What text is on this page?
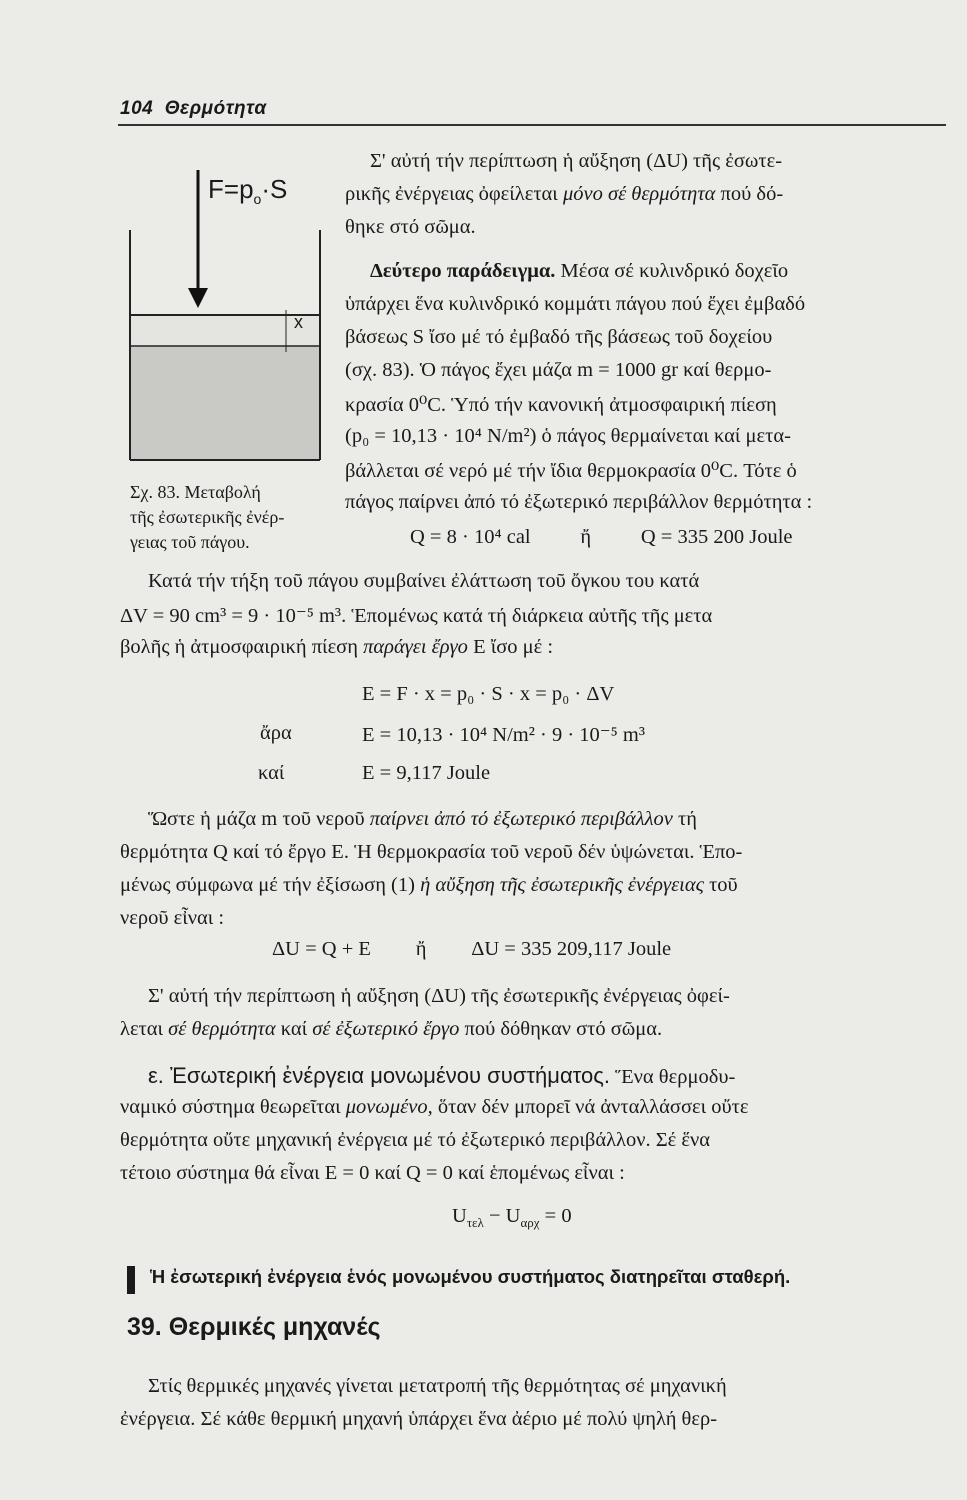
104 Θερμότητα
$F=p_o\cdot S$
x
Σχ. 83. Μεταβολή
τῆς ἐσωτερικῆς ἐνέρ-
γειας τοῦ πάγου.
Σ' αὐτή τήν περίπτωση ἡ αὔξηση (ΔU) τῆς ἐσωτε-
ρικῆς ἐνέργειας ὀφείλεται μόνο σέ θερμότητα πού δό-
θηκε στό σῶμα.
Δεύτερο παράδειγμα. Μέσα σέ κυλινδρικό δοχεῖο
ὑπάρχει ἕνα κυλινδρικό κομμάτι πάγου πού ἔχει ἐμβαδό
βάσεως S ἴσο μέ τό ἐμβαδό τῆς βάσεως τοῦ δοχείου
(σχ. 83). Ὁ πάγος ἔχει μάζα m = 1000 gr καί θερμο-
κρασία 0⁰C. Ὑπό τήν κανονική ἀτμοσφαιρική πίεση
(p₀ = 10,13 · 10⁴ N/m²) ὁ πάγος θερμαίνεται καί μετα-
βάλλεται σέ νερό μέ τήν ἴδια θερμοκρασία 0⁰C. Τότε ὁ
πάγος παίρνει ἀπό τό ἐξωτερικό περιβάλλον θερμότητα :
Q = 8 · 10⁴ cal ἤ Q = 335 200 Joule
Κατά τήν τήξη τοῦ πάγου συμβαίνει ἐλάττωση τοῦ ὄγκου του κατά
ΔV = 90 cm³ = 9 · 10⁻⁵ m³. Ἑπομένως κατά τή διάρκεια αὐτῆς τῆς μετα
βολῆς ἡ ἀτμοσφαιρική πίεση παράγει ἔργο E ἴσο μέ :
E = F · x = p₀ · S · x = p₀ · ΔV
ἄρα	E = 10,13 · 10⁴ N/m² · 9 · 10⁻⁵ m³
καί	E = 9,117 Joule
Ὥστε ἡ μάζα m τοῦ νεροῦ παίρνει ἀπό τό ἐξωτερικό περιβάλλον τή
θερμότητα Q καί τό ἔργο E. Ἡ θερμοκρασία τοῦ νεροῦ δέν ὑψώνεται. Ἑπο-
μένως σύμφωνα μέ τήν ἐξίσωση (1) ἡ αὔξηση τῆς ἐσωτερικῆς ἐνέργειας τοῦ
νεροῦ εἶναι :
ΔU = Q + E ἤ ΔU = 335 209,117 Joule
Σ' αὐτή τήν περίπτωση ἡ αὔξηση (ΔU) τῆς ἐσωτερικῆς ἐνέργειας ὀφεί-
λεται σέ θερμότητα καί σέ ἐξωτερικό ἔργο πού δόθηκαν στό σῶμα.
ε. Ἐσωτερική ἐνέργεια μονωμένου συστήματος. Ἕνα θερμοδυ-
ναμικό σύστημα θεωρεῖται μονωμένο, ὅταν δέν μπορεῖ νά ἀνταλλάσσει οὔτε
θερμότητα οὔτε μηχανική ἐνέργεια μέ τό ἐξωτερικό περιβάλλον. Σέ ἕνα
τέτοιο σύστημα θά εἶναι E = 0 καί Q = 0 καί ἑπομένως εἶναι :
$U_{\tau\varepsilon\lambda} - U_{\alpha\rho\chi} = 0$
Ἡ ἐσωτερική ἐνέργεια ἑνός μονωμένου συστήματος διατηρεῖται σταθερή.
39. Θερμικές μηχανές
Στίς θερμικές μηχανές γίνεται μετατροπή τῆς θερμότητας σέ μηχανική
ἐνέργεια. Σέ κάθε θερμική μηχανή ὑπάρχει ἕνα ἀέριο μέ πολύ ψηλή θερ-
